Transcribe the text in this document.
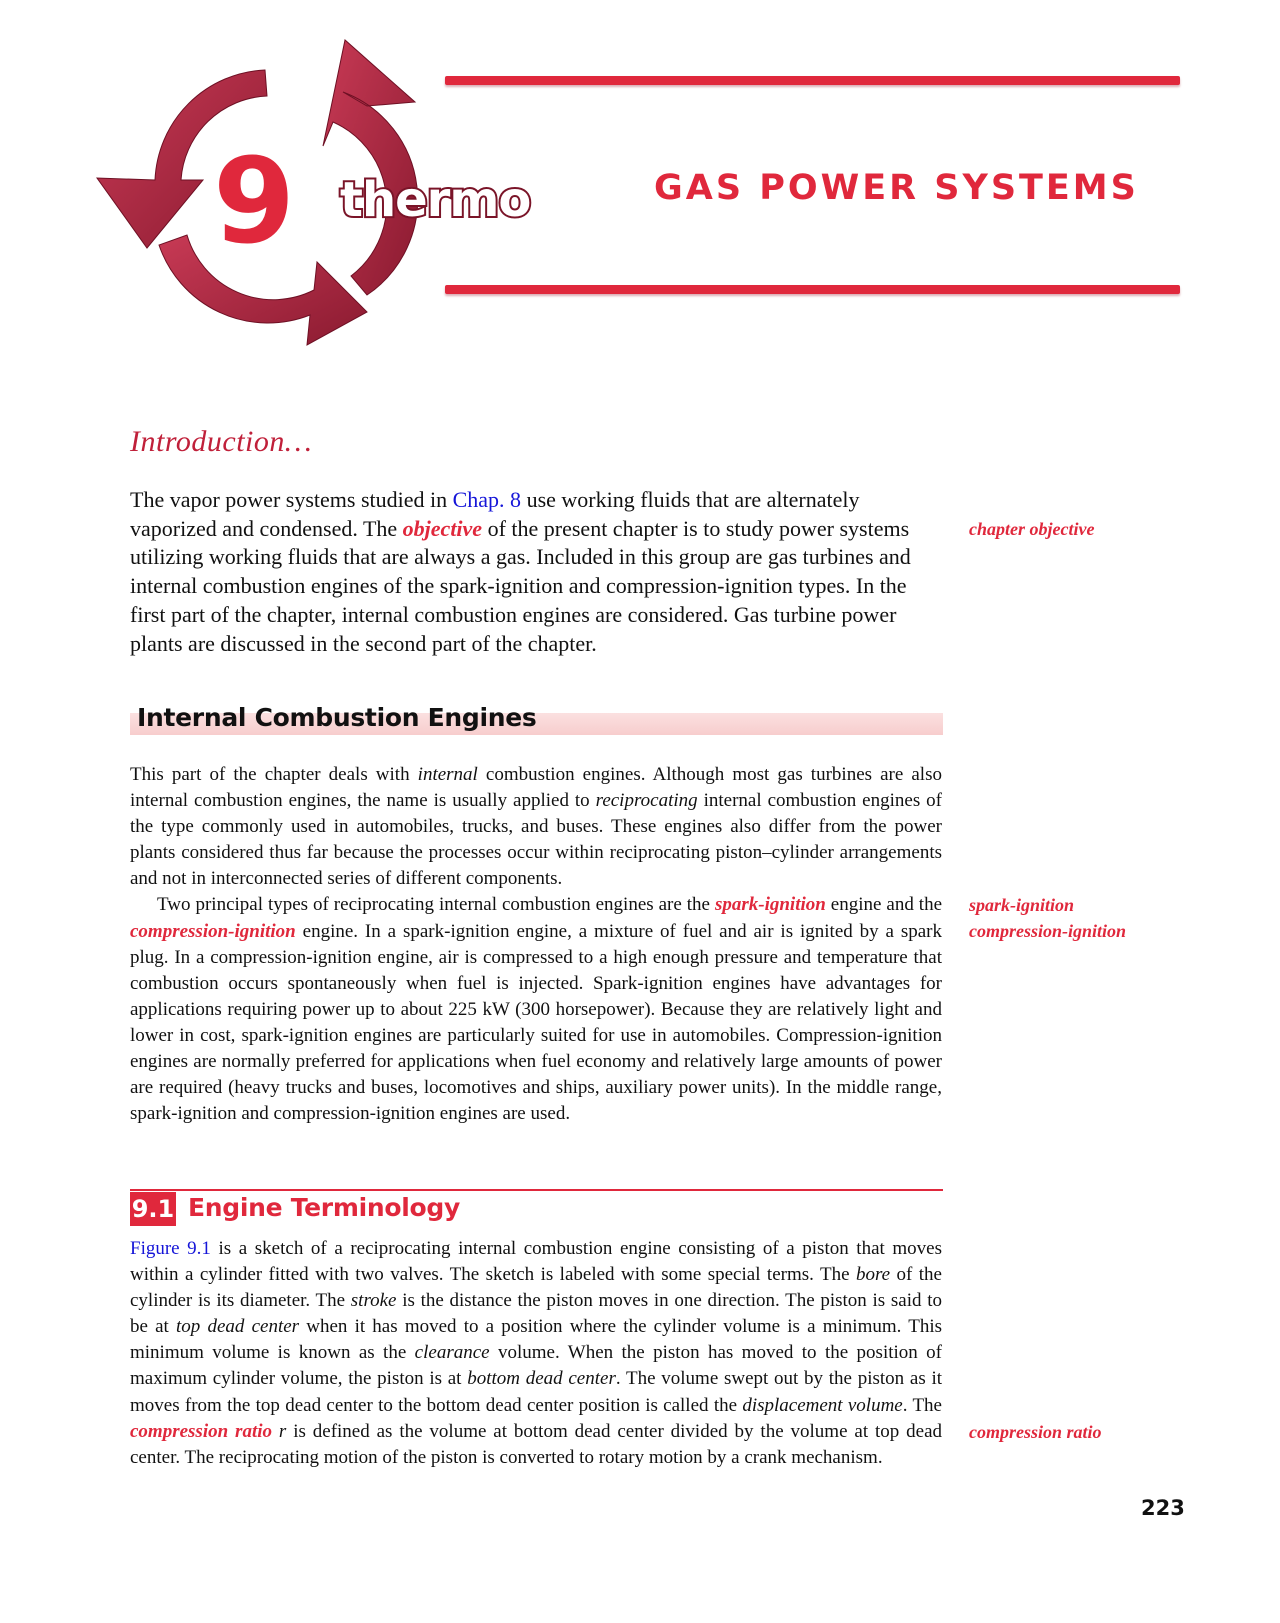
9 thermo	GAS POWER SYSTEMS
Introduction…

The vapor power systems studied in Chap. 8 use working fluids that are alternately vaporized and condensed. The objective of the present chapter is to study power systems utilizing working fluids that are always a gas. Included in this group are gas turbines and internal combustion engines of the spark-ignition and compression-ignition types. In the first part of the chapter, internal combustion engines are considered. Gas turbine power plants are discussed in the second part of the chapter.

chapter objective
Internal Combustion Engines

This part of the chapter deals with internal combustion engines. Although most gas turbines are also internal combustion engines, the name is usually applied to reciprocating internal combustion engines of the type commonly used in automobiles, trucks, and buses. These engines also differ from the power plants considered thus far because the processes occur within reciprocating piston–cylinder arrangements and not in interconnected series of different components.

Two principal types of reciprocating internal combustion engines are the spark-ignition engine and the compression-ignition engine. In a spark-ignition engine, a mixture of fuel and air is ignited by a spark plug. In a compression-ignition engine, air is compressed to a high enough pressure and temperature that combustion occurs spontaneously when fuel is injected. Spark-ignition engines have advantages for applications requiring power up to about 225 kW (300 horsepower). Because they are relatively light and lower in cost, spark-ignition engines are particularly suited for use in automobiles. Compression-ignition engines are normally preferred for applications when fuel economy and relatively large amounts of power are required (heavy trucks and buses, locomotives and ships, auxiliary power units). In the middle range, spark-ignition and compression-ignition engines are used.

spark-ignition
compression-ignition
9.1 Engine Terminology

Figure 9.1 is a sketch of a reciprocating internal combustion engine consisting of a piston that moves within a cylinder fitted with two valves. The sketch is labeled with some special terms. The bore of the cylinder is its diameter. The stroke is the distance the piston moves in one direction. The piston is said to be at top dead center when it has moved to a position where the cylinder volume is a minimum. This minimum volume is known as the clearance volume. When the piston has moved to the position of maximum cylinder volume, the piston is at bottom dead center. The volume swept out by the piston as it moves from the top dead center to the bottom dead center position is called the displacement volume. The compression ratio r is defined as the volume at bottom dead center divided by the volume at top dead center. The reciprocating motion of the piston is converted to rotary motion by a crank mechanism.

compression ratio
223
